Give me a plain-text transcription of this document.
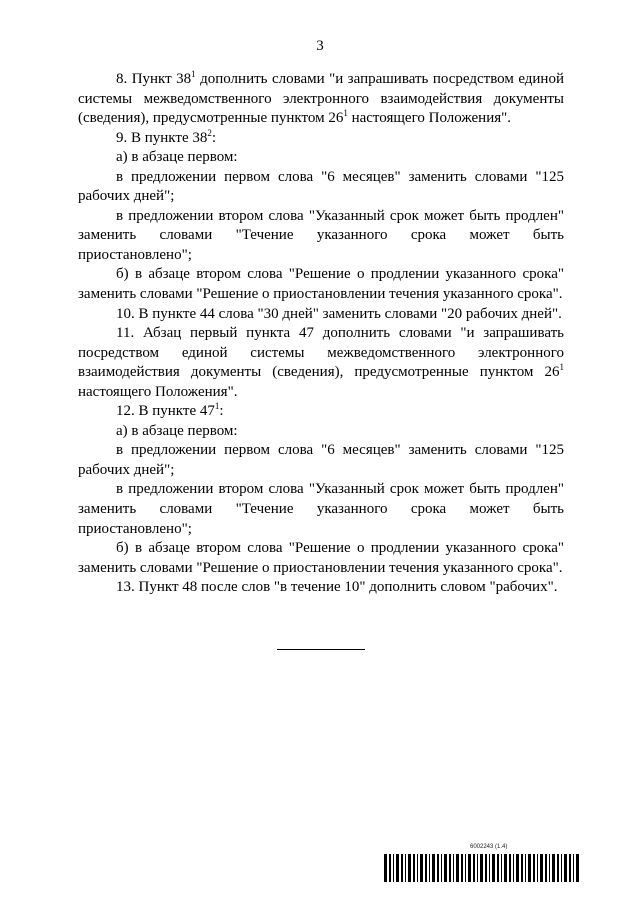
3

8. Пункт $38^1$ дополнить словами "и запрашивать посредством единой системы межведомственного электронного взаимодействия документы (сведения), предусмотренные пунктом $26^1$ настоящего Положения".

9. В пункте $38^2$:

а) в абзаце первом:

в предложении первом слова "6 месяцев" заменить словами "125 рабочих дней";

в предложении втором слова "Указанный срок может быть продлен" заменить словами "Течение указанного срока может быть приостановлено";

б) в абзаце втором слова "Решение о продлении указанного срока" заменить словами "Решение о приостановлении течения указанного срока".

10. В пункте 44 слова "30 дней" заменить словами "20 рабочих дней".

11. Абзац первый пункта 47 дополнить словами "и запрашивать посредством единой системы межведомственного электронного взаимодействия документы (сведения), предусмотренные пунктом $26^1$ настоящего Положения".

12. В пункте $47^1$:

а) в абзаце первом:

в предложении первом слова "6 месяцев" заменить словами "125 рабочих дней";

в предложении втором слова "Указанный срок может быть продлен" заменить словами "Течение указанного срока может быть приостановлено";

б) в абзаце втором слова "Решение о продлении указанного срока" заменить словами "Решение о приостановлении течения указанного срока".

13. Пункт 48 после слов "в течение 10" дополнить словом "рабочих".

6002243 (1.4)
